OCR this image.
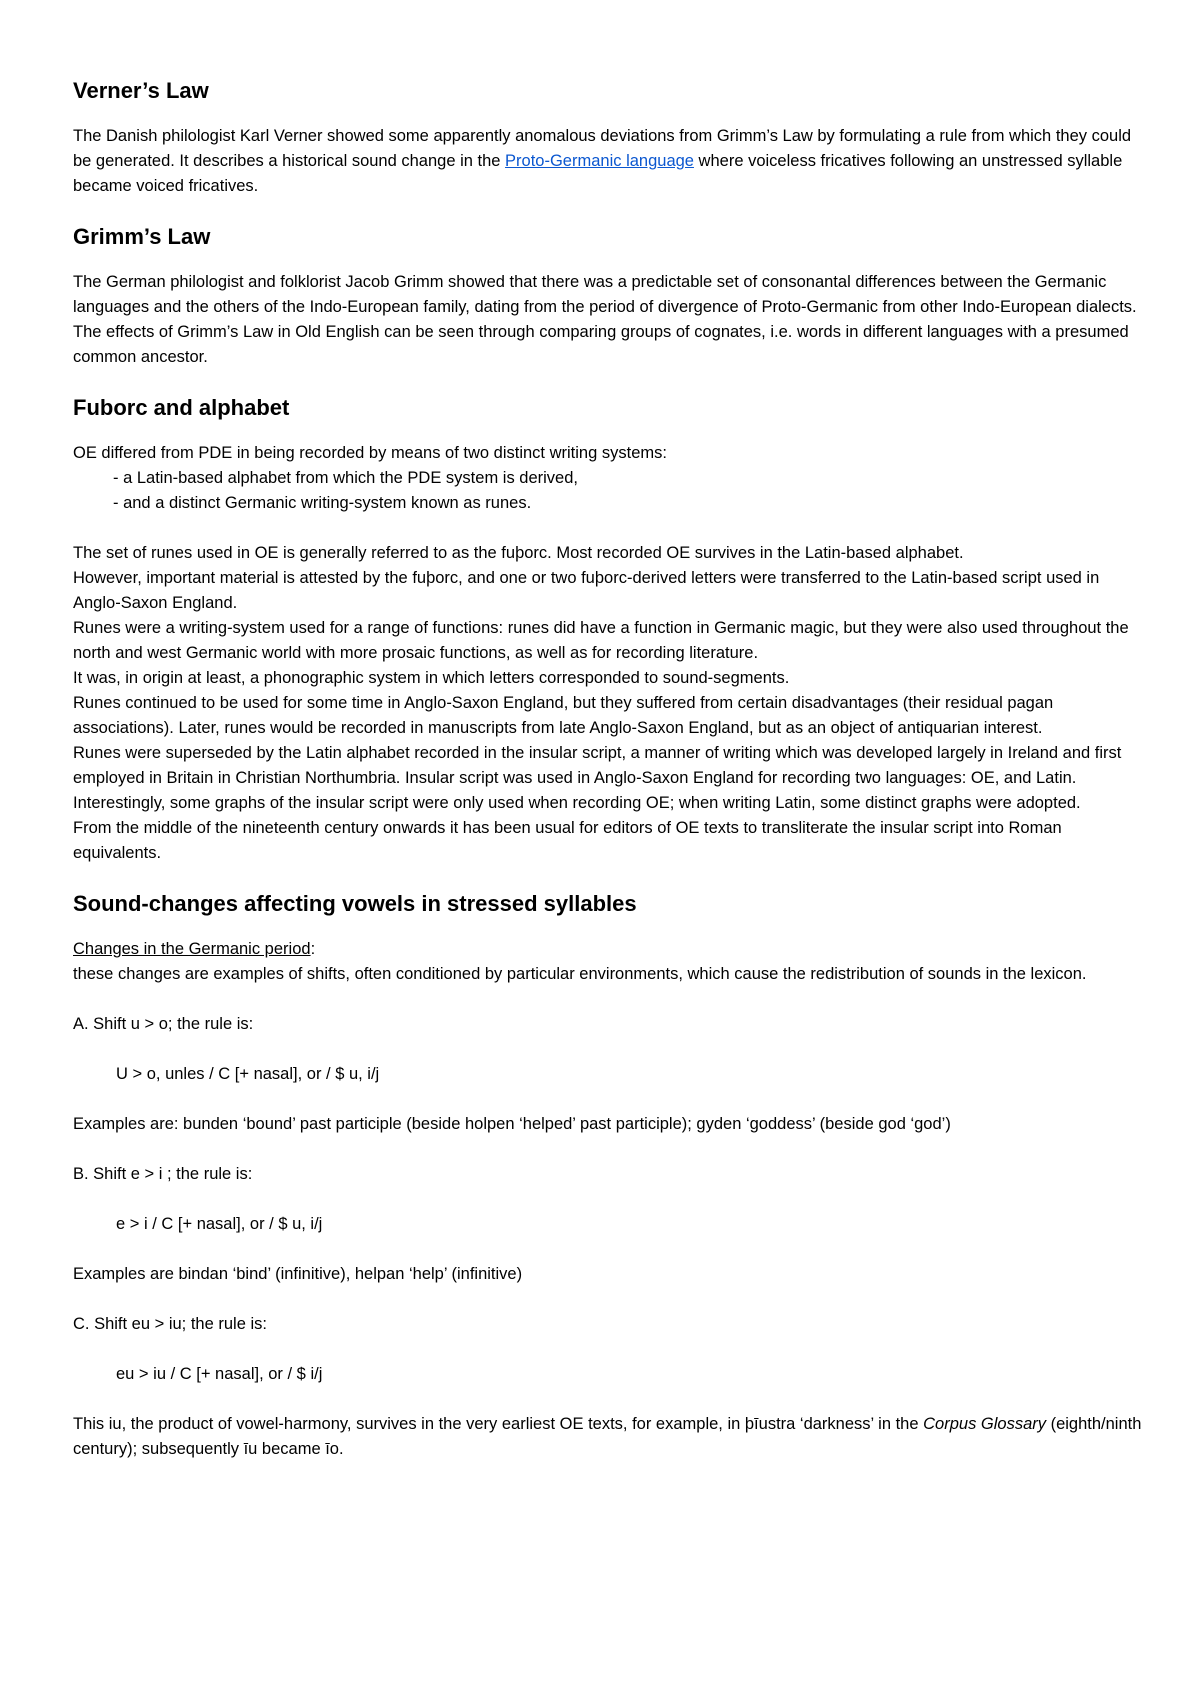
Verner’s Law

The Danish philologist Karl Verner showed some apparently anomalous deviations from Grimm’s Law by formulating a rule from which they could be generated. It describes a historical sound change in the Proto-Germanic language where voiceless fricatives following an unstressed syllable became voiced fricatives.

Grimm’s Law

The German philologist and folklorist Jacob Grimm showed that there was a predictable set of consonantal differences between the Germanic languages and the others of the Indo-European family, dating from the period of divergence of Proto-Germanic from other Indo-European dialects.

The effects of Grimm’s Law in Old English can be seen through comparing groups of cognates, i.e. words in different languages with a presumed common ancestor.

Fuborc and alphabet

OE differed from PDE in being recorded by means of two distinct writing systems:

- a Latin-based alphabet from which the PDE system is derived,

- and a distinct Germanic writing-system known as runes.

The set of runes used in OE is generally referred to as the fuþorc. Most recorded OE survives in the Latin-based alphabet.

However, important material is attested by the fuþorc, and one or two fuþorc-derived letters were transferred to the Latin-based script used in Anglo-Saxon England.

Runes were a writing-system used for a range of functions: runes did have a function in Germanic magic, but they were also used throughout the north and west Germanic world with more prosaic functions, as well as for recording literature.

It was, in origin at least, a phonographic system in which letters corresponded to sound-segments.

Runes continued to be used for some time in Anglo-Saxon England, but they suffered from certain disadvantages (their residual pagan associations). Later, runes would be recorded in manuscripts from late Anglo-Saxon England, but as an object of antiquarian interest.

Runes were superseded by the Latin alphabet recorded in the insular script, a manner of writing which was developed largely in Ireland and first employed in Britain in Christian Northumbria. Insular script was used in Anglo-Saxon England for recording two languages: OE, and Latin. Interestingly, some graphs of the insular script were only used when recording OE; when writing Latin, some distinct graphs were adopted.

From the middle of the nineteenth century onwards it has been usual for editors of OE texts to transliterate the insular script into Roman equivalents.

Sound-changes affecting vowels in stressed syllables

Changes in the Germanic period:

these changes are examples of shifts, often conditioned by particular environments, which cause the redistribution of sounds in the lexicon.

A. Shift u > o; the rule is:

U > o, unles / C [+ nasal], or / $ u, i/j

Examples are: bunden ‘bound’ past participle (beside holpen ‘helped’ past participle); gyden ‘goddess’ (beside god ‘god’)

B. Shift e > i ; the rule is:

e > i / C [+ nasal], or / $ u, i/j

Examples are bindan ‘bind’ (infinitive), helpan ‘help’ (infinitive)

C. Shift eu > iu; the rule is:

eu > iu / C [+ nasal], or / $ i/j

This iu, the product of vowel-harmony, survives in the very earliest OE texts, for example, in þīustra ‘darkness’ in the Corpus Glossary (eighth/ninth century); subsequently īu became īo.
